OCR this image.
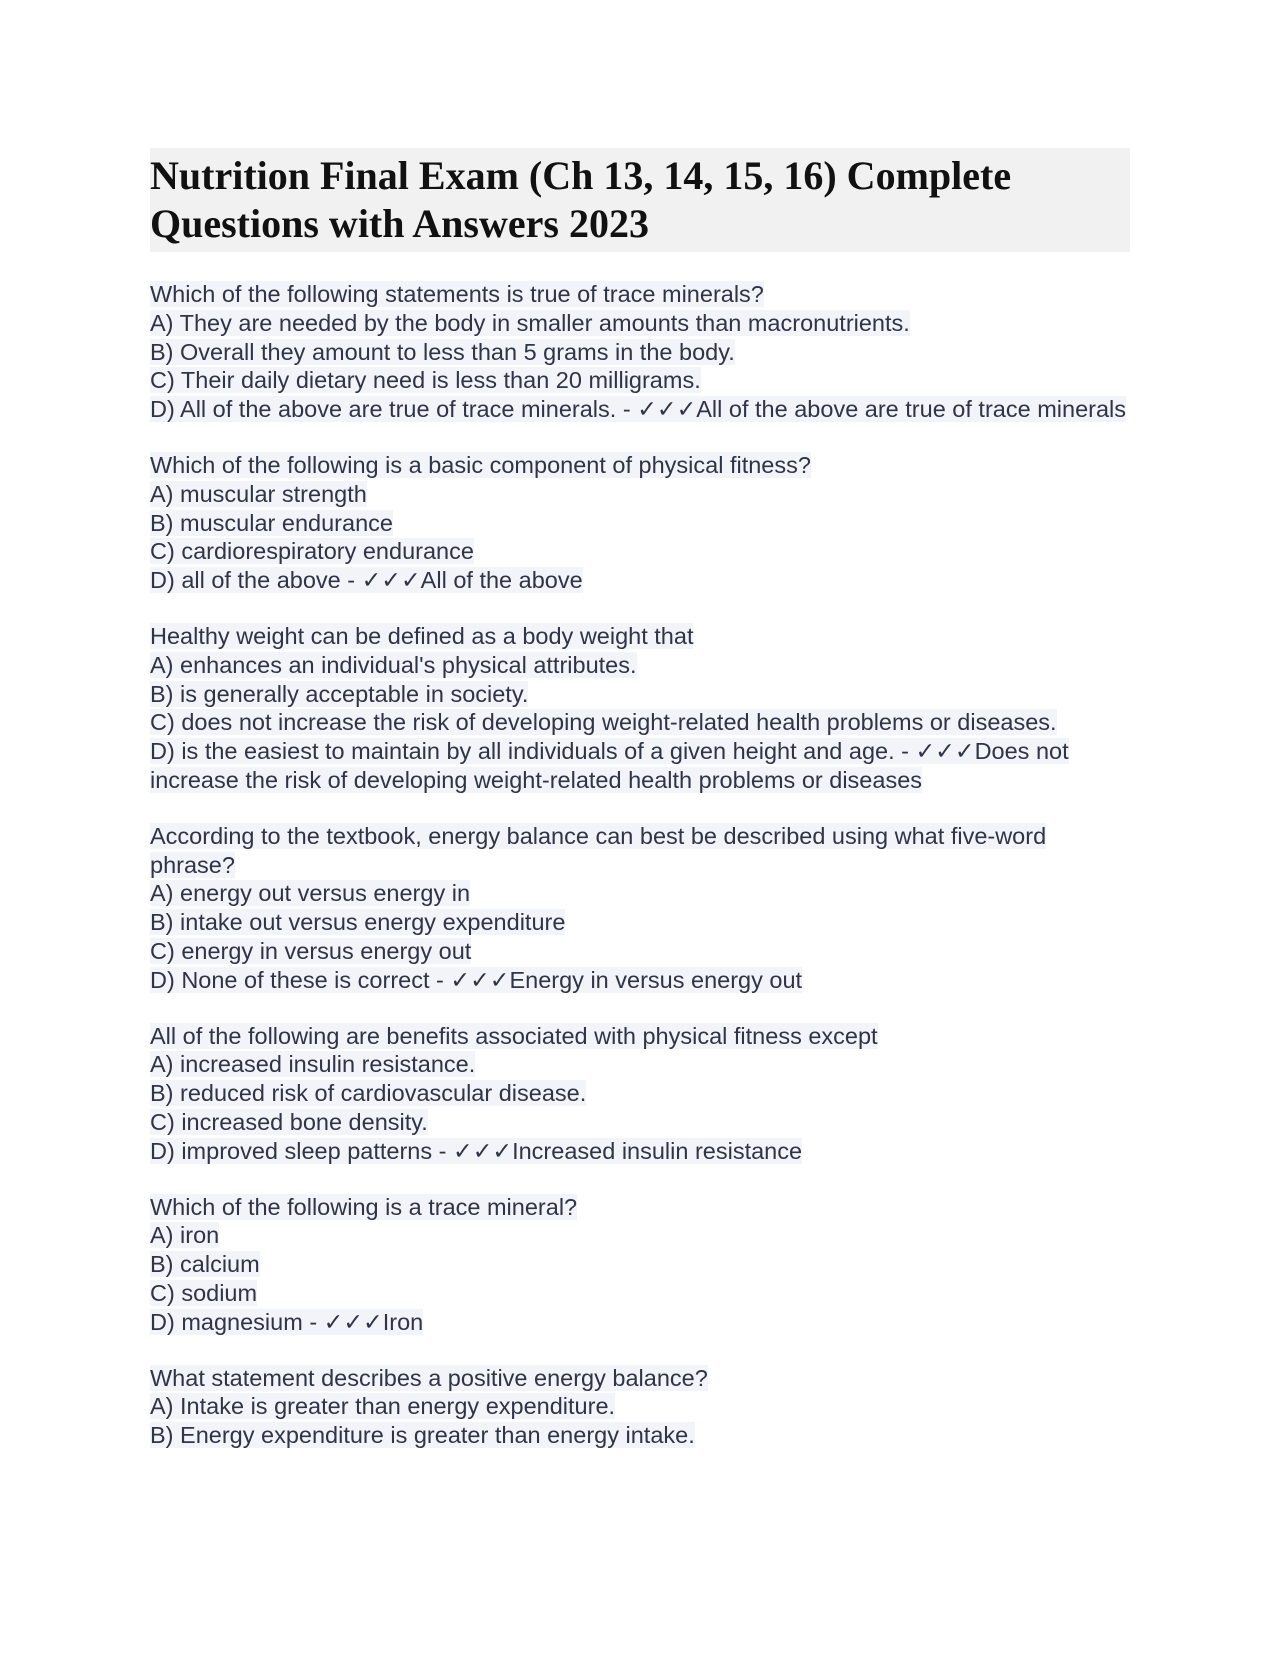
Nutrition Final Exam (Ch 13, 14, 15, 16) Complete Questions with Answers 2023
Which of the following statements is true of trace minerals?
A) They are needed by the body in smaller amounts than macronutrients.
B) Overall they amount to less than 5 grams in the body.
C) Their daily dietary need is less than 20 milligrams.
D) All of the above are true of trace minerals. - ✓✓✓All of the above are true of trace minerals
Which of the following is a basic component of physical fitness?
A) muscular strength
B) muscular endurance
C) cardiorespiratory endurance
D) all of the above - ✓✓✓All of the above
Healthy weight can be defined as a body weight that
A) enhances an individual's physical attributes.
B) is generally acceptable in society.
C) does not increase the risk of developing weight-related health problems or diseases.
D) is the easiest to maintain by all individuals of a given height and age. - ✓✓✓Does not increase the risk of developing weight-related health problems or diseases
According to the textbook, energy balance can best be described using what five-word phrase?
A) energy out versus energy in
B) intake out versus energy expenditure
C) energy in versus energy out
D) None of these is correct - ✓✓✓Energy in versus energy out
All of the following are benefits associated with physical fitness except
A) increased insulin resistance.
B) reduced risk of cardiovascular disease.
C) increased bone density.
D) improved sleep patterns - ✓✓✓Increased insulin resistance
Which of the following is a trace mineral?
A) iron
B) calcium
C) sodium
D) magnesium - ✓✓✓Iron
What statement describes a positive energy balance?
A) Intake is greater than energy expenditure.
B) Energy expenditure is greater than energy intake.
